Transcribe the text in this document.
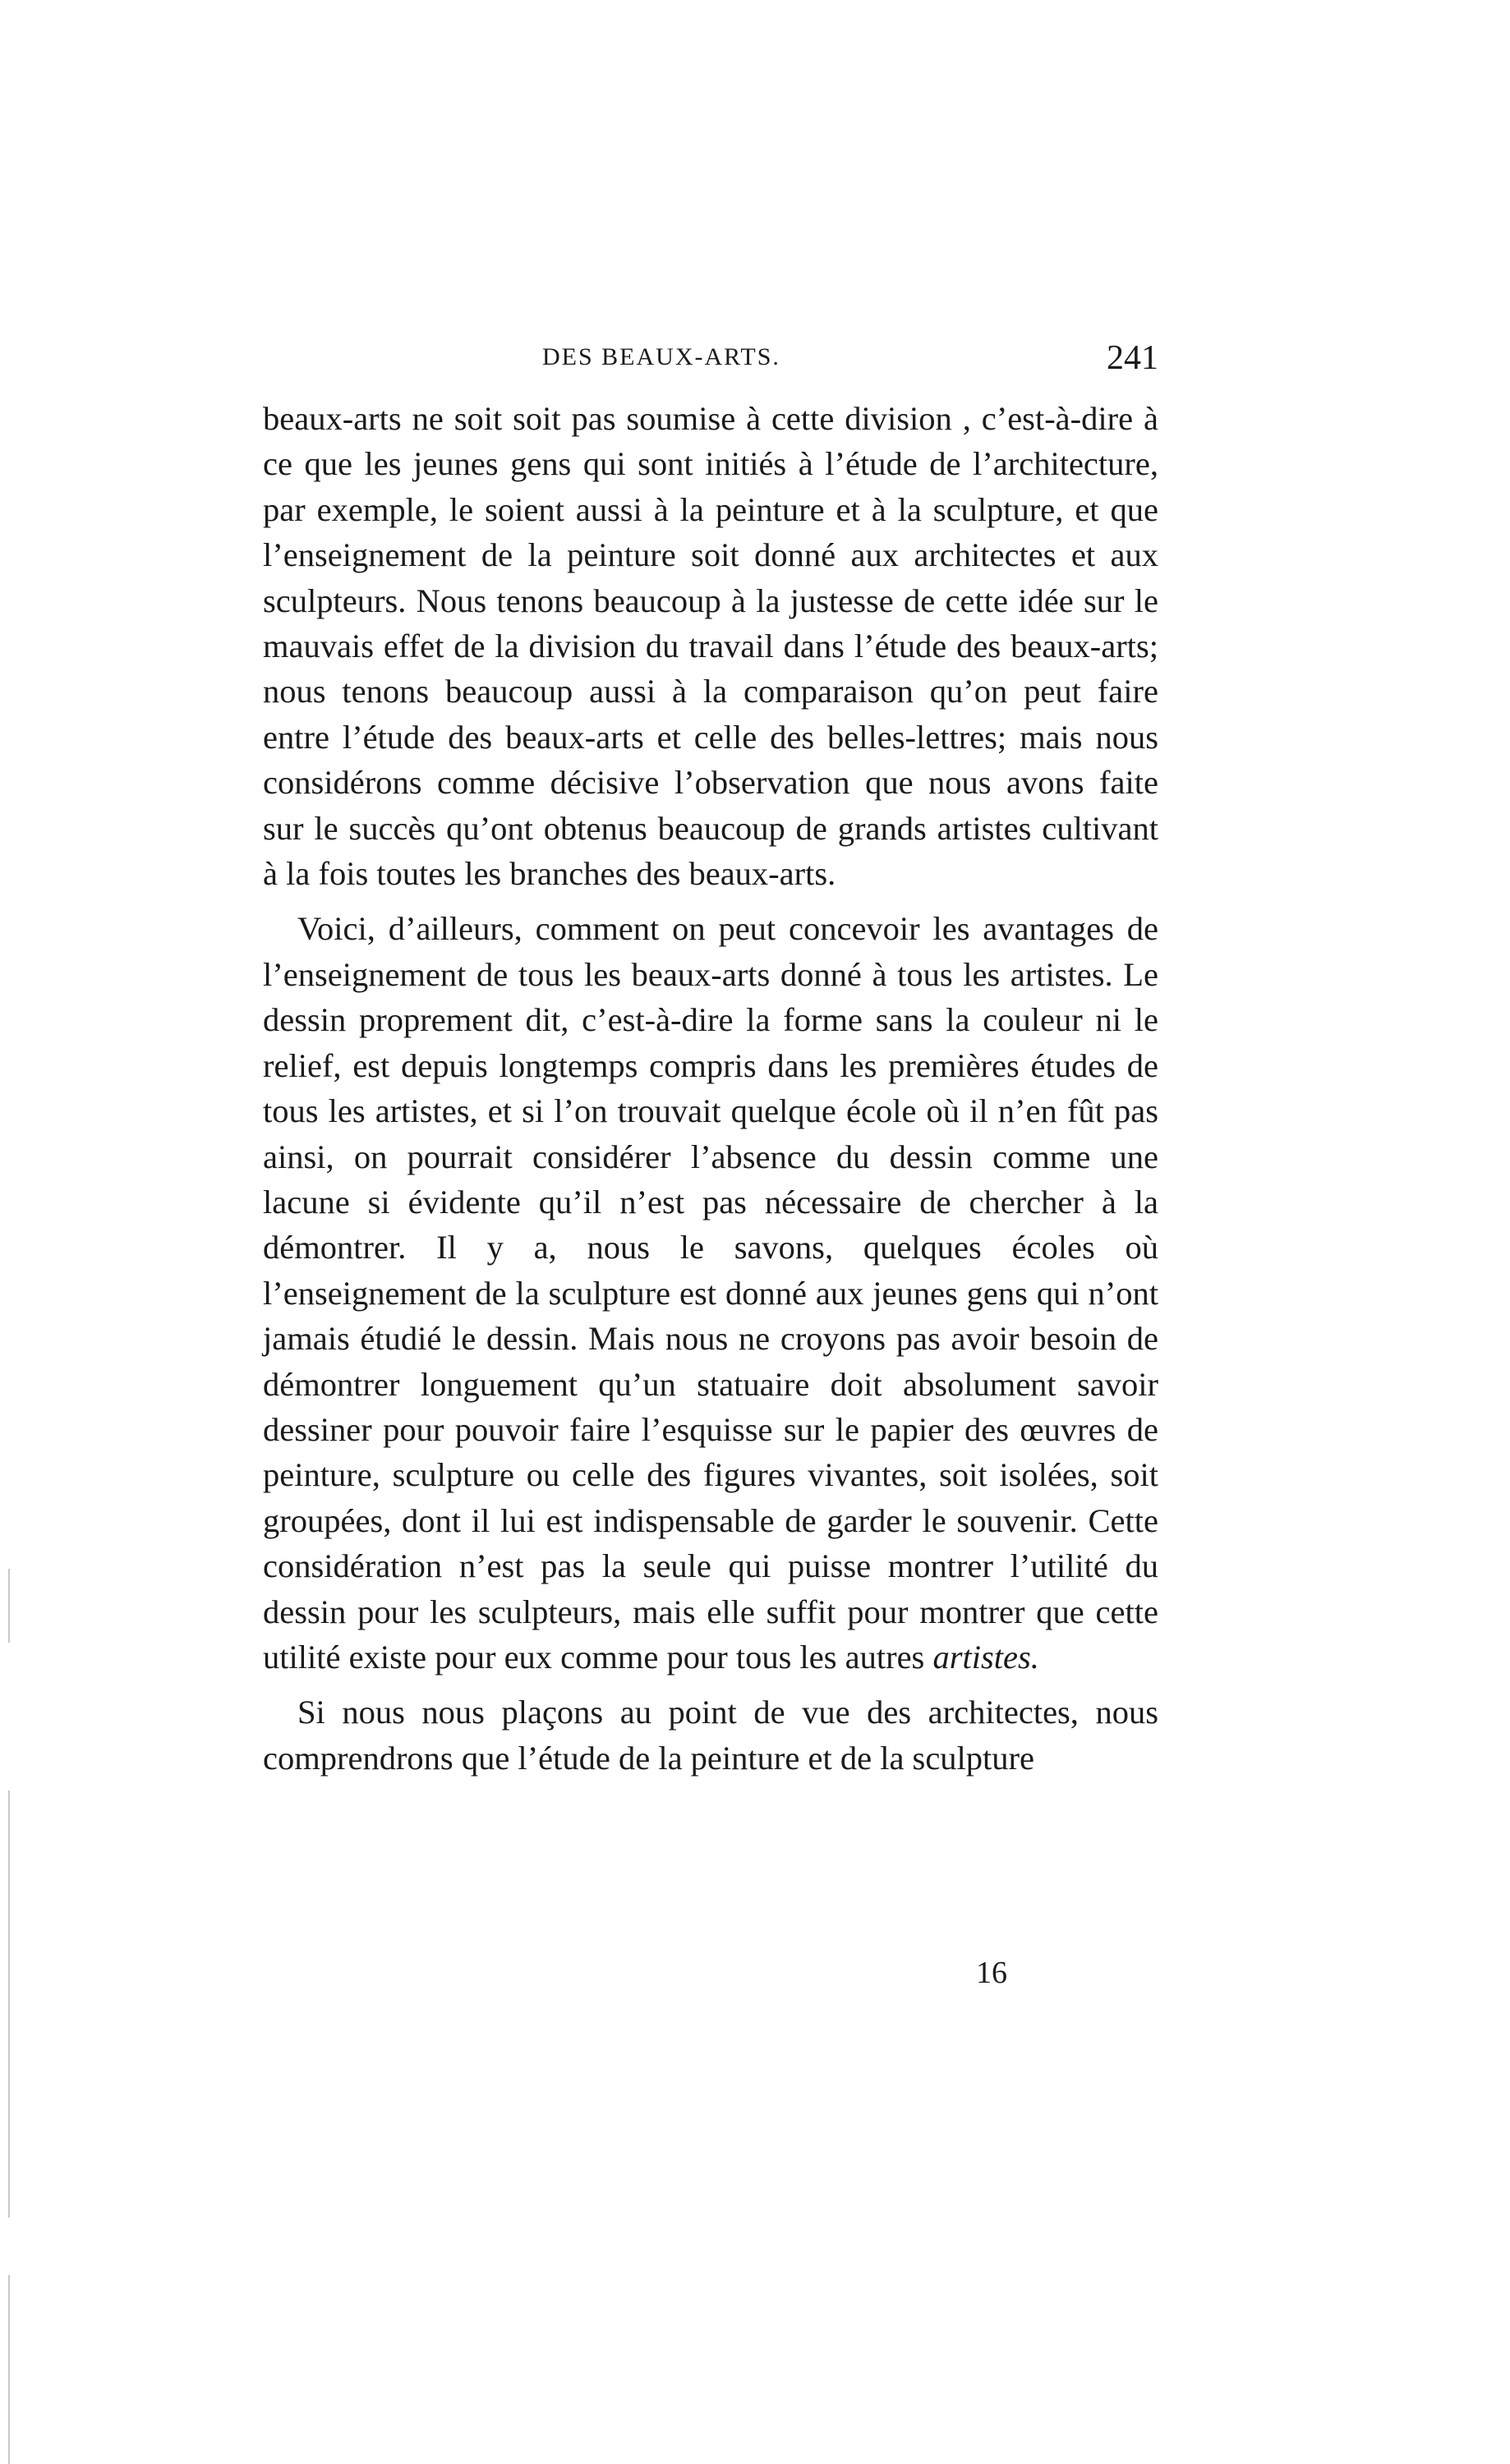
DES BEAUX-ARTS.	241

beaux-arts ne soit soit pas soumise à cette division , c’est-à-dire à ce que les jeunes gens qui sont initiés à l’étude de l’architecture, par exemple, le soient aussi à la peinture et à la sculpture, et que l’enseignement de la peinture soit donné aux architectes et aux sculpteurs. Nous tenons beaucoup à la justesse de cette idée sur le mauvais effet de la division du travail dans l’étude des beaux-arts; nous tenons beaucoup aussi à la comparaison qu’on peut faire entre l’étude des beaux-arts et celle des belles-lettres; mais nous considérons comme décisive l’observation que nous avons faite sur le succès qu’ont obtenus beaucoup de grands artistes cultivant à la fois toutes les branches des beaux-arts.

Voici, d’ailleurs, comment on peut concevoir les avantages de l’enseignement de tous les beaux-arts donné à tous les artistes. Le dessin proprement dit, c’est-à-dire la forme sans la couleur ni le relief, est depuis longtemps compris dans les premières études de tous les artistes, et si l’on trouvait quelque école où il n’en fût pas ainsi, on pourrait considérer l’absence du dessin comme une lacune si évidente qu’il n’est pas nécessaire de chercher à la démontrer. Il y a, nous le savons, quelques écoles où l’enseignement de la sculpture est donné aux jeunes gens qui n’ont jamais étudié le dessin. Mais nous ne croyons pas avoir besoin de démontrer longuement qu’un statuaire doit absolument savoir dessiner pour pouvoir faire l’esquisse sur le papier des œuvres de peinture, sculpture ou celle des figures vivantes, soit isolées, soit groupées, dont il lui est indispensable de garder le souvenir. Cette considération n’est pas la seule qui puisse montrer l’utilité du dessin pour les sculpteurs, mais elle suffit pour montrer que cette utilité existe pour eux comme pour tous les autres artistes.

Si nous nous plaçons au point de vue des architectes, nous comprendrons que l’étude de la peinture et de la sculpture

16
